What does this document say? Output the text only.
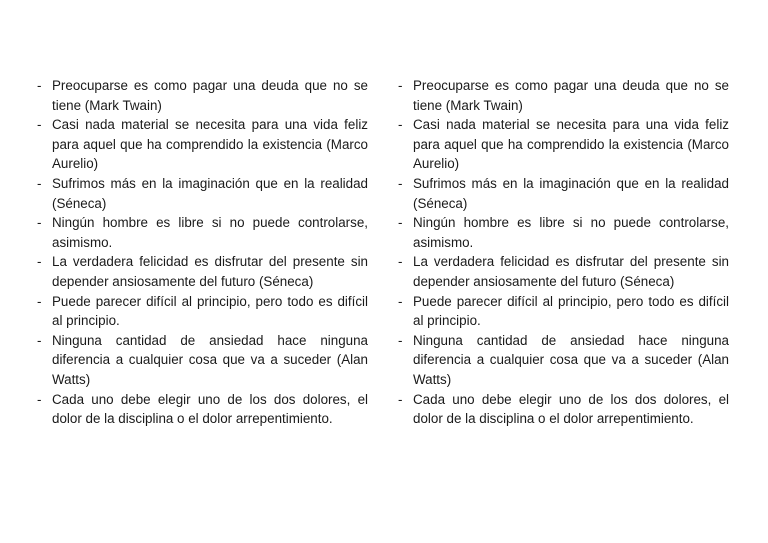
- Preocuparse es como pagar una deuda que no se tiene (Mark Twain)
- Casi nada material se necesita para una vida feliz para aquel que ha comprendido la existencia (Marco Aurelio)
- Sufrimos más en la imaginación que en la realidad (Séneca)
- Ningún hombre es libre si no puede controlarse, asimismo.
- La verdadera felicidad es disfrutar del presente sin depender ansiosamente del futuro (Séneca)
- Puede parecer difícil al principio, pero todo es difícil al principio.
- Ninguna cantidad de ansiedad hace ninguna diferencia a cualquier cosa que va a suceder (Alan Watts)
- Cada uno debe elegir uno de los dos dolores, el dolor de la disciplina o el dolor arrepentimiento.
- Preocuparse es como pagar una deuda que no se tiene (Mark Twain)
- Casi nada material se necesita para una vida feliz para aquel que ha comprendido la existencia (Marco Aurelio)
- Sufrimos más en la imaginación que en la realidad (Séneca)
- Ningún hombre es libre si no puede controlarse, asimismo.
- La verdadera felicidad es disfrutar del presente sin depender ansiosamente del futuro (Séneca)
- Puede parecer difícil al principio, pero todo es difícil al principio.
- Ninguna cantidad de ansiedad hace ninguna diferencia a cualquier cosa que va a suceder (Alan Watts)
- Cada uno debe elegir uno de los dos dolores, el dolor de la disciplina o el dolor arrepentimiento.
